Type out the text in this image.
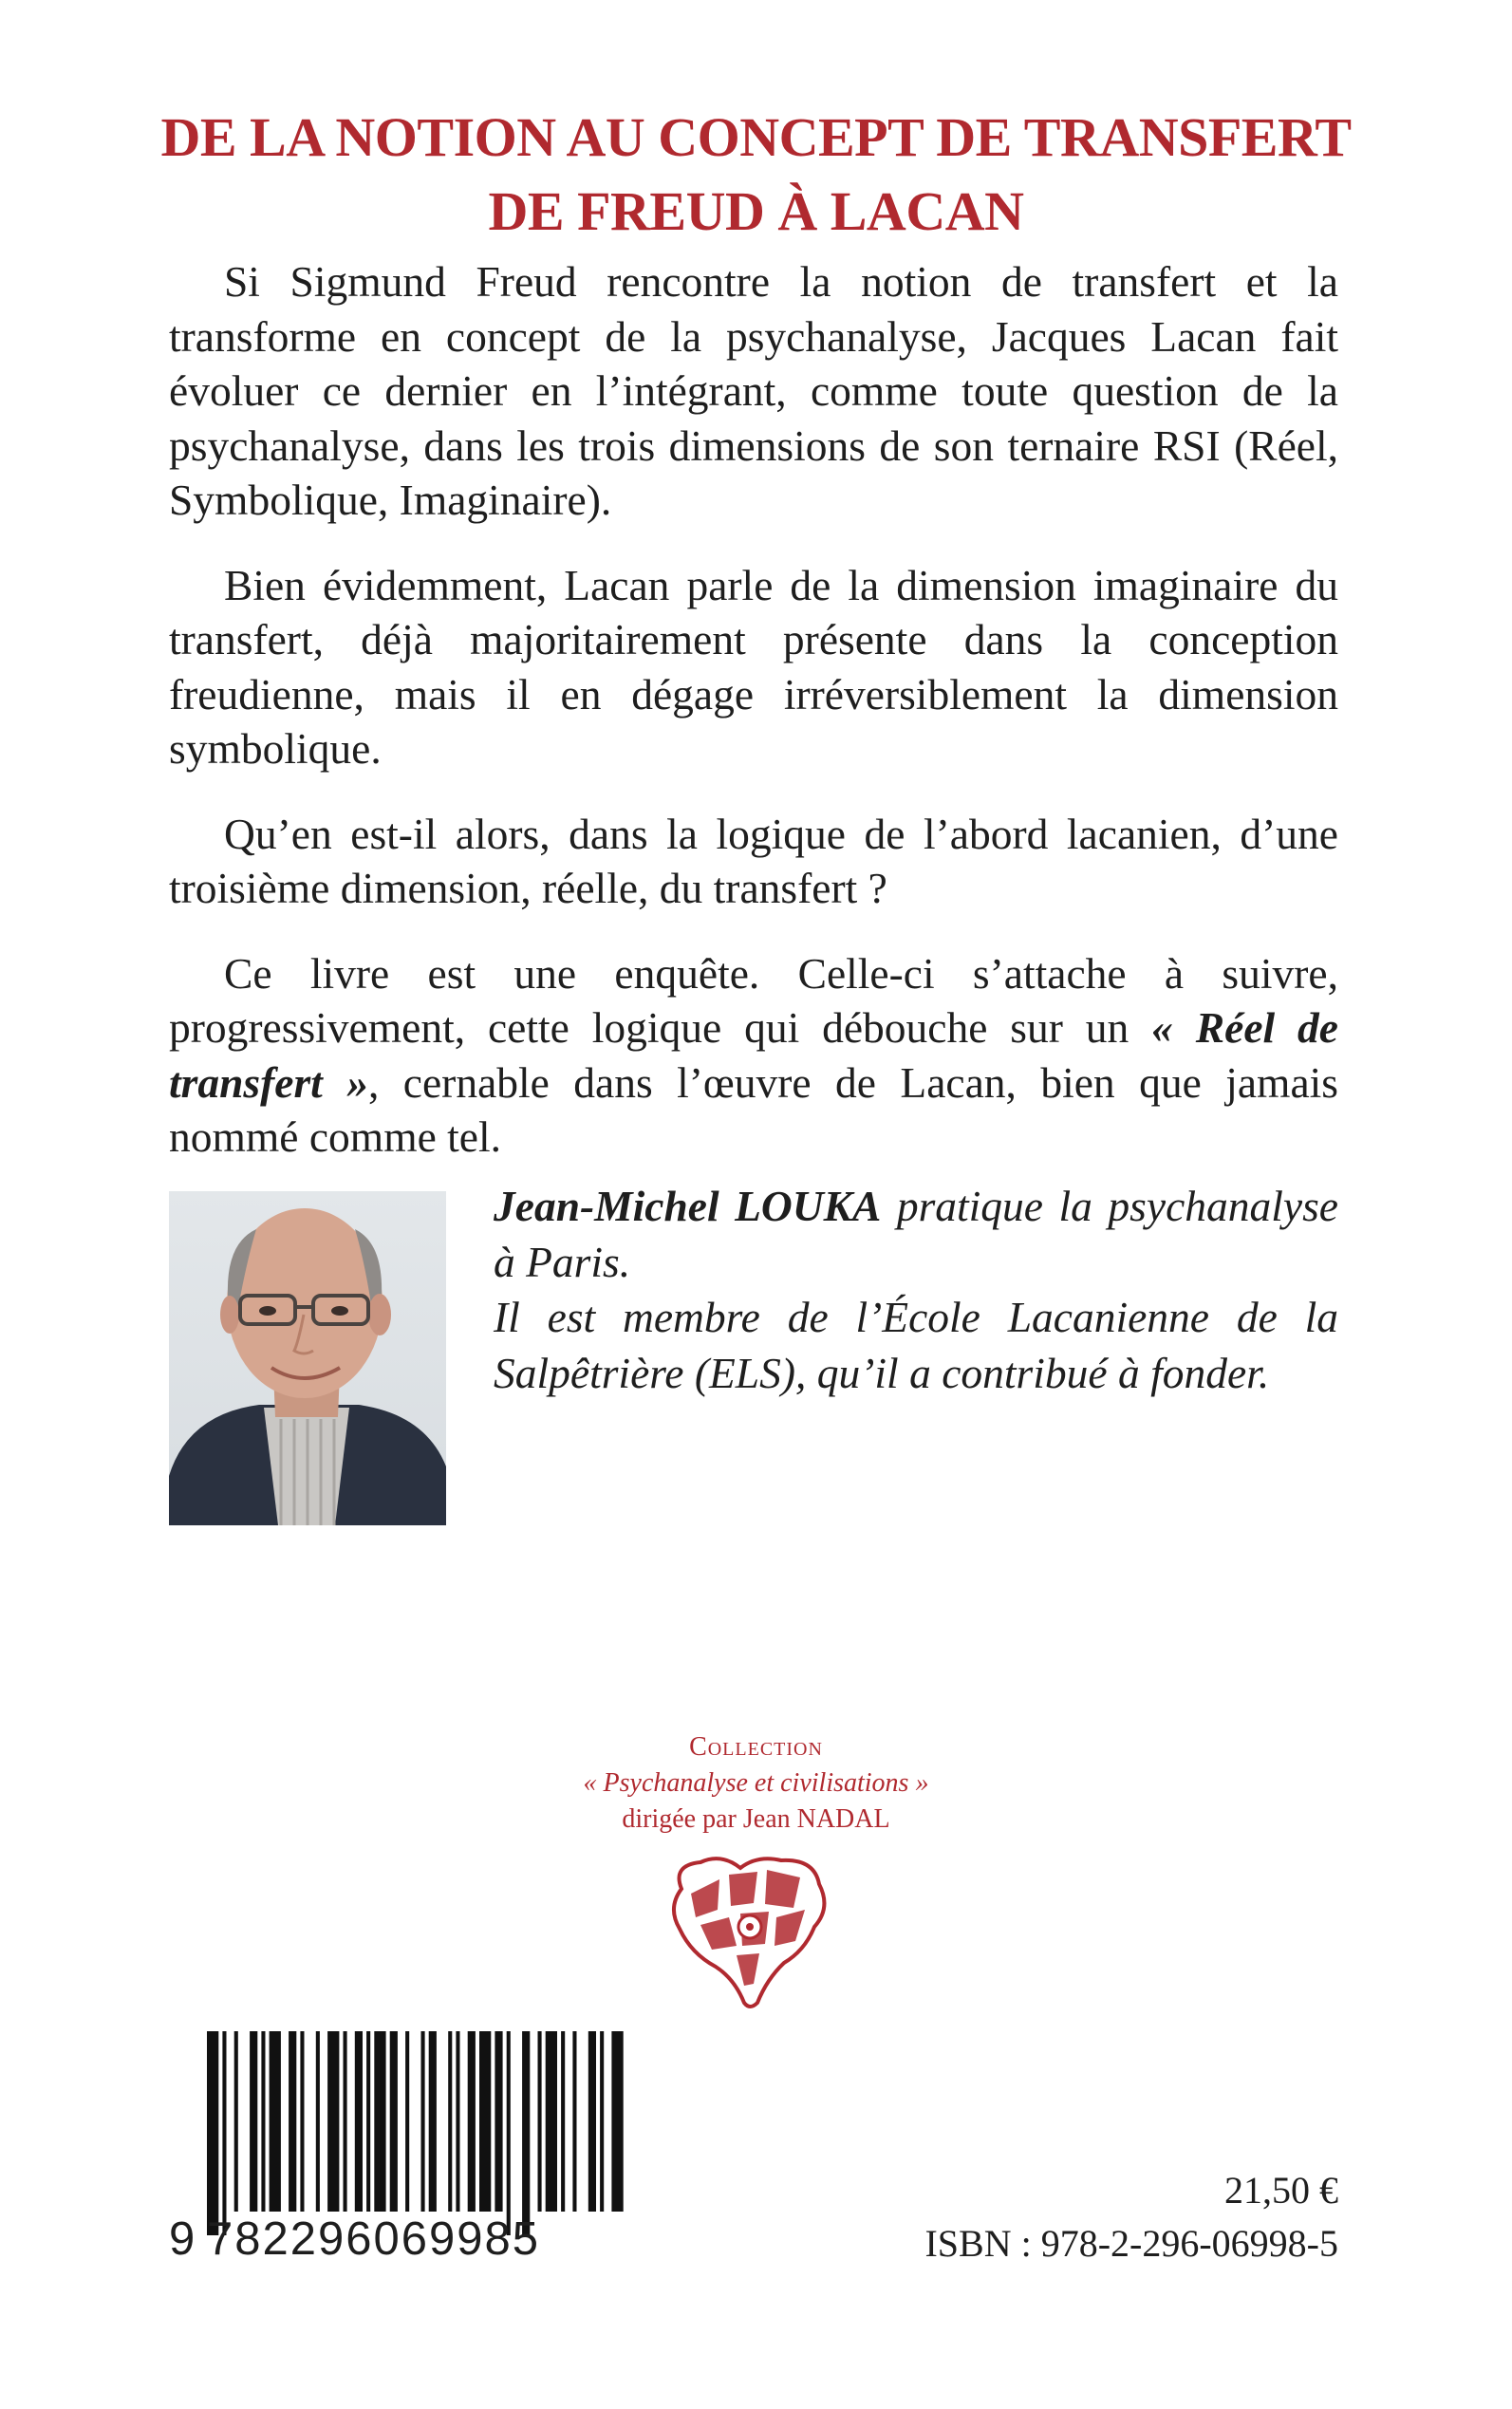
DE LA NOTION AU CONCEPT DE TRANSFERT
DE FREUD À LACAN

Si Sigmund Freud rencontre la notion de transfert et la transforme en concept de la psychanalyse, Jacques Lacan fait évoluer ce dernier en l’intégrant, comme toute question de la psychanalyse, dans les trois dimensions de son ternaire RSI (Réel, Symbolique, Imaginaire).

Bien évidemment, Lacan parle de la dimension imaginaire du transfert, déjà majoritairement présente dans la conception freudienne, mais il en dégage irréversiblement la dimension symbolique.

Qu’en est-il alors, dans la logique de l’abord lacanien, d’une troisième dimension, réelle, du transfert ?

Ce livre est une enquête. Celle-ci s’attache à suivre, progressivement, cette logique qui débouche sur un « Réel de transfert », cernable dans l’œuvre de Lacan, bien que jamais nommé comme tel.

Jean-Michel LOUKA pratique la psychanalyse à Paris.

Il est membre de l’École Lacanienne de la Salpêtrière (ELS), qu’il a contribué à fonder.

Collection
« Psychanalyse et civilisations »
dirigée par Jean NADAL
9 782296069985
21,50 €
ISBN : 978-2-296-06998-5
